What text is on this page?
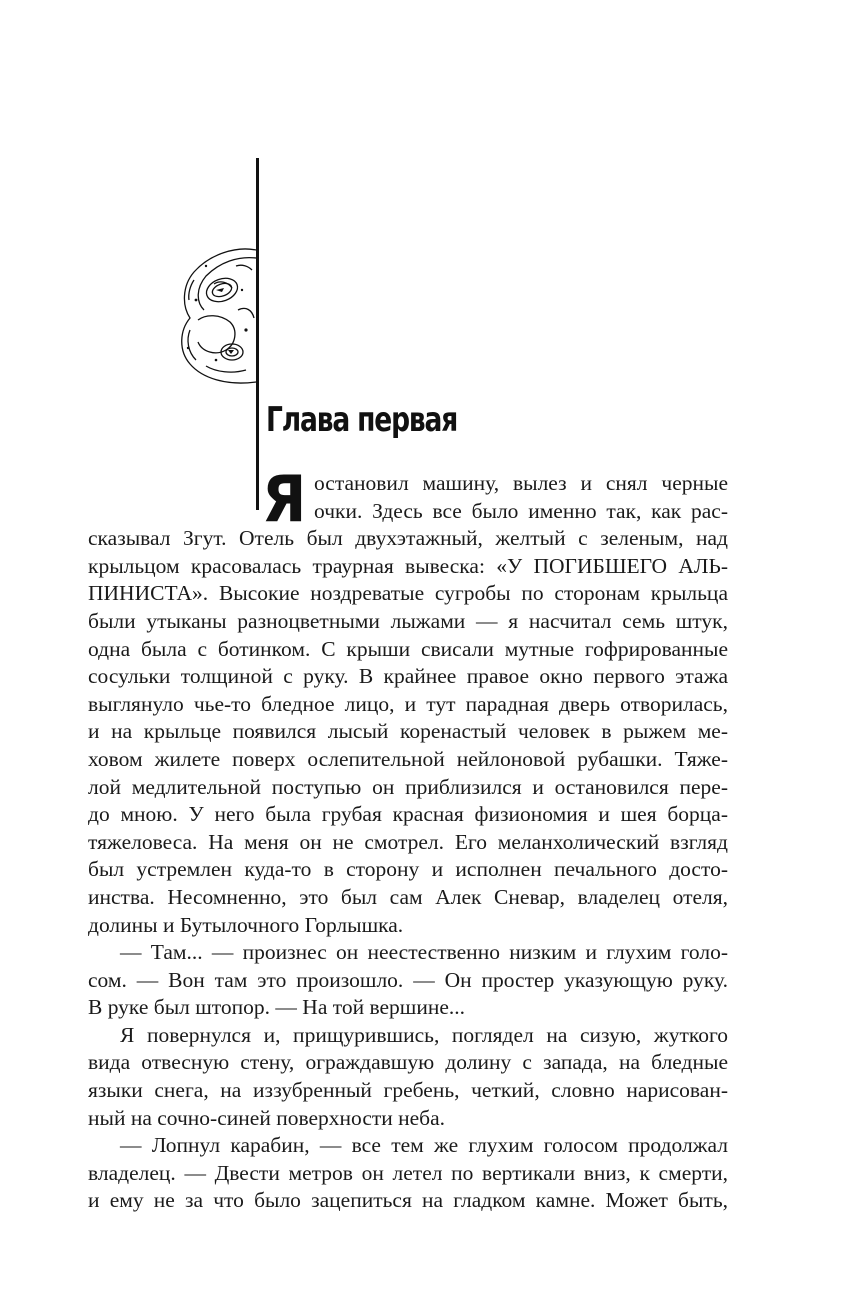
Глава первая
Я остановил машину, вылез и снял черные
очки. Здесь все было именно так, как рас-
сказывал Згут. Отель был двухэтажный, желтый с зеленым, над
крыльцом красовалась траурная вывеска: «У ПОГИБШЕГО АЛЬ-
ПИНИСТА». Высокие ноздреватые сугробы по сторонам крыльца
были утыканы разноцветными лыжами — я насчитал семь штук,
одна была с ботинком. С крыши свисали мутные гофрированные
сосульки толщиной с руку. В крайнее правое окно первого этажа
выглянуло чье-то бледное лицо, и тут парадная дверь отворилась,
и на крыльце появился лысый коренастый человек в рыжем ме-
ховом жилете поверх ослепительной нейлоновой рубашки. Тяже-
лой медлительной поступью он приблизился и остановился пере-
до мною. У него была грубая красная физиономия и шея борца-
тяжеловеса. На меня он не смотрел. Его меланхолический взгляд
был устремлен куда-то в сторону и исполнен печального досто-
инства. Несомненно, это был сам Алек Сневар, владелец отеля,
долины и Бутылочного Горлышка.
— Там... — произнес он неестественно низким и глухим голо-
сом. — Вон там это произошло. — Он простер указующую руку.
В руке был штопор. — На той вершине...
Я повернулся и, прищурившись, поглядел на сизую, жуткого
вида отвесную стену, ограждавшую долину с запада, на бледные
языки снега, на иззубренный гребень, четкий, словно нарисован-
ный на сочно-синей поверхности неба.
— Лопнул карабин, — все тем же глухим голосом продолжал
владелец. — Двести метров он летел по вертикали вниз, к смерти,
и ему не за что было зацепиться на гладком камне. Может быть,
